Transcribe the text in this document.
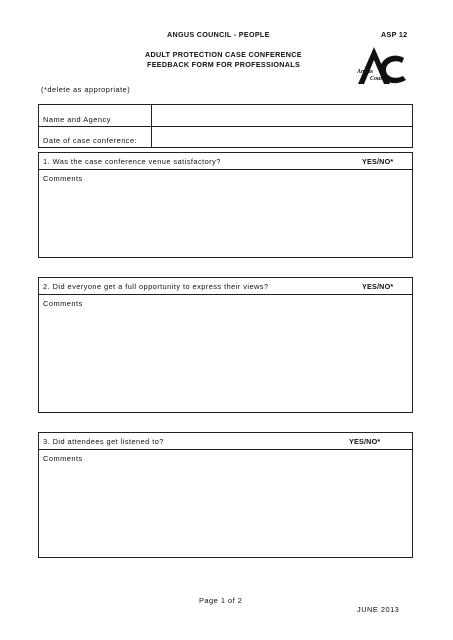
ANGUS COUNCIL - PEOPLE	ASP 12
ADULT PROTECTION CASE CONFERENCE
FEEDBACK FORM FOR PROFESSIONALS
Angus
Council
(*delete as appropriate)
Name and Agency
Date of case conference:
1. Was the case conference venue satisfactory?	YES/NO*
Comments
2. Did everyone get a full opportunity to express their views?	YES/NO*
Comments
3. Did attendees get listened to?	YES/NO*
Comments
Page 1 of 2
JUNE 2013
